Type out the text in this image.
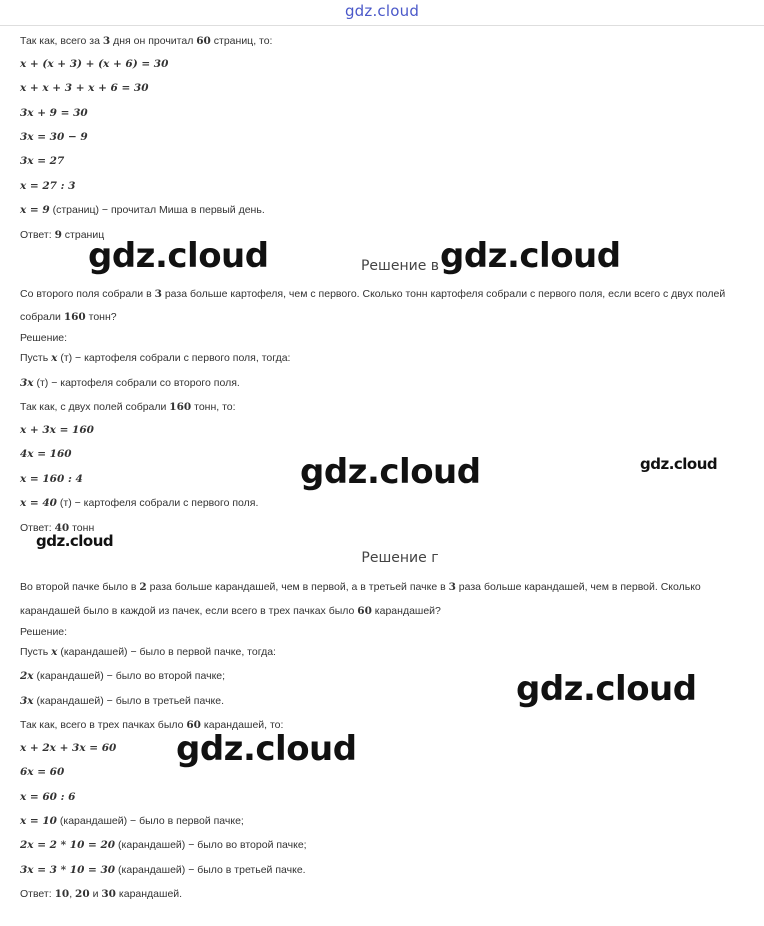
gdz.cloud
Так как, всего за 3 дня он прочитал 60 страниц, то:
x + (x + 3) + (x + 6) = 30
x + x + 3 + x + 6 = 30
3x + 9 = 30
3x = 30 − 9
3x = 27
x = 27 : 3
x = 9 (страниц) − прочитал Миша в первый день.
Ответ: 9 страниц
Решение в
Со второго поля собрали в 3 раза больше картофеля, чем с первого. Сколько тонн картофеля собрали с первого поля, если всего с двух полей
собрали 160 тонн?
Решение:
Пусть x (т) − картофеля собрали с первого поля, тогда:
3x (т) − картофеля собрали со второго поля.
Так как, с двух полей собрали 160 тонн, то:
x + 3x = 160
4x = 160
x = 160 : 4
x = 40 (т) − картофеля собрали с первого поля.
Ответ: 40 тонн
Решение г
Во второй пачке было в 2 раза больше карандашей, чем в первой, а в третьей пачке в 3 раза больше карандашей, чем в первой. Сколько
карандашей было в каждой из пачек, если всего в трех пачках было 60 карандашей?
Решение:
Пусть x (карандашей) − было в первой пачке, тогда:
2x (карандашей) − было во второй пачке;
3x (карандашей) − было в третьей пачке.
Так как, всего в трех пачках было 60 карандашей, то:
x + 2x + 3x = 60
6x = 60
x = 60 : 6
x = 10 (карандашей) − было в первой пачке;
2x = 2 * 10 = 20 (карандашей) − было во второй пачке;
3x = 3 * 10 = 30 (карандашей) − было в третьей пачке.
Ответ: 10, 20 и 30 карандашей.
gdz.cloud	gdz.cloud
gdz.cloud	gdz.cloud
gdz.cloud
gdz.cloud
gdz.cloud
